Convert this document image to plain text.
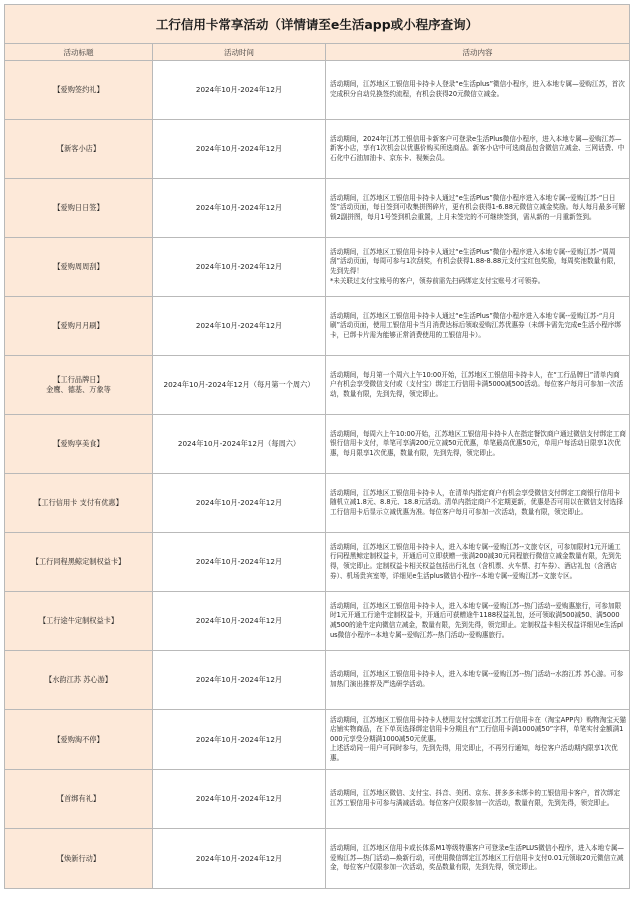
工行信用卡常享活动（详情请至e生活app或小程序查询）		
活动标题	活动时间	活动内容

【爱购签约礼】	2024年10月-2024年12月	活动期间，江苏地区工银信用卡持卡人登录“e生活plus”微信小程序，进入本地专属—爱购江苏，首次完成积分自动兑换签约流程，有机会获得20元微信立减金。

【新客小店】	2024年10月-2024年12月	活动期间，2024年江苏工银信用卡新客户可登录e生活Plus微信小程序，进入本地专属—爱购江苏—新客小店，享有1次机会以优惠价购买所选商品。新客小店中可选商品包含微信立减金、三网话费、中石化中石油加油卡、京东卡、视频会员。

【爱购日日签】	2024年10月-2024年12月	活动期间，江苏地区工银信用卡持卡人通过“e生活Plus”微信小程序进入本地专属--爱购江苏-“日日签”活动页面，每日签到可收集拼图碎片，更有机会获得1-6.88元微信立减金奖励。每人每月最多可解锁2副拼图，每月1号签到机会重置，上月未签完的不可继续签到，需从新的一月重新签到。

【爱购周周刮】	2024年10月-2024年12月	活动期间，江苏地区工银信用卡持卡人通过“e生活Plus”微信小程序进入本地专属--爱购江苏-“周周刮”活动页面，每周可参与1次刮奖，有机会获得1.88-8.88元支付宝红包奖励，每周奖池数量有限，先到先得！
*未关联过支付宝账号的客户，领券前需先扫码绑定支付宝账号才可领券。

【爱购月月刷】	2024年10月-2024年12月	活动期间，江苏地区工银信用卡持卡人通过“e生活Plus”微信小程序进入本地专属--爱购江苏-“月月刷”活动页面，使用工银信用卡当月消费达标后领取爱购江苏优惠券（未绑卡需先完成e生活小程序绑卡，已绑卡片需为能够正常消费使用的工银信用卡）。

【工行品牌日】
金鹰、德基、万象等	2024年10月-2024年12月（每月第一个周六）	活动期间，每月第一个周六上午10:00开始，江苏地区工银信用卡持卡人，在“工行品牌日”清单内商户有机会享受微信支付或（支付宝）绑定工行信用卡满5000减500活动。每位客户每月可参加一次活动，数量有限，先到先得，领完即止。

【爱购享美食】	2024年10月-2024年12月（每周六）	活动期间，每周六上午10:00开始，江苏地区工银信用卡持卡人在指定餐饮商户通过微信支付绑定工商银行信用卡支付，单笔可享满200元立减50元优惠，单笔最高优惠50元，单用户每活动日限享1次优惠，每月限享1次优惠，数量有限，先到先得，领完即止。

【工行信用卡 支付有优惠】	2024年10月-2024年12月	活动期间，江苏地区工银信用卡持卡人，在清单内指定商户有机会享受微信支付绑定工商银行信用卡随机立减1.8元、8.8元、18.8元活动。清单内指定商户不定期更新，优惠是否可用以在微信支付选择工行信用卡后显示立减优惠为准。每位客户每月可参加一次活动，数量有限，领完即止。

【工行同程黑鲸定制权益卡】	2024年10月-2024年12月	活动期间，江苏地区工银信用卡持卡人，进入本地专属--爱购江苏--文旅专区，可参加限时1元开通工行同程黑鲸定制权益卡，开通后可立即获赠一张满200减30元同程旅行微信立减金数量有限，先到先得，领完即止。定制权益卡相关权益包括出行礼包（含机票、火车票、打车券）、酒店礼包（含酒店券）、机场贵宾室等，详细见e生活plus微信小程序--本地专属--爱购江苏--文旅专区。

【工行途牛定制权益卡】	2024年10月-2024年12月	活动期间，江苏地区工银信用卡持卡人，进入本地专属--爱购江苏--热门活动--爱购惠旅行，可参加限时1元开通工行途牛定制权益卡，开通后可获赠途牛1188权益礼包，还可领取满500减50、满5000减500的途牛定向微信立减金，数量有限，先到先得，领完即止。定制权益卡相关权益详细见e生活plus微信小程序--本地专属--爱购江苏--热门活动--爱购惠旅行。

【水韵江苏 苏心游】	2024年10月-2024年12月	活动期间，江苏地区工银信用卡持卡人，进入本地专属--爱购江苏--热门活动--水韵江苏 苏心游。可参加热门演出推荐及严选研学活动。

【爱购淘不停】	2024年10月-2024年12月	活动期间，江苏地区工银信用卡持卡人使用支付宝绑定江苏工行信用卡在（淘宝APP内）购物淘宝天猫店铺实物商品，在下单页选择绑定信用卡分期且有“工行信用卡满1000减50”字样，单笔实付金额满1000元享受分期满1000减50元优惠。
上述活动同一用户可同时参与，先到先得，用完即止，不再另行通知，每位客户活动期内限享1次优惠。

【首绑有礼】	2024年10月-2024年12月	活动期间，江苏地区微信、支付宝、抖音、美团、京东、拼多多未绑卡的工银信用卡客户，首次绑定江苏工银信用卡可参与满减活动。每位客户仅限参加一次活动，数量有限，先到先得，领完即止。

【焕新行动】	2024年10月-2024年12月	活动期间，江苏地区信用卡或长体系M1等级特惠客户可登录e生活PLUS微信小程序，进入本地专属—爱购江苏—热门活动—焕新行动，可使用微信绑定江苏地区工行信用卡支付0.01元领取20元微信立减金，每位客户仅限参加一次活动，奖品数量有限，先到先得，领完即止。
